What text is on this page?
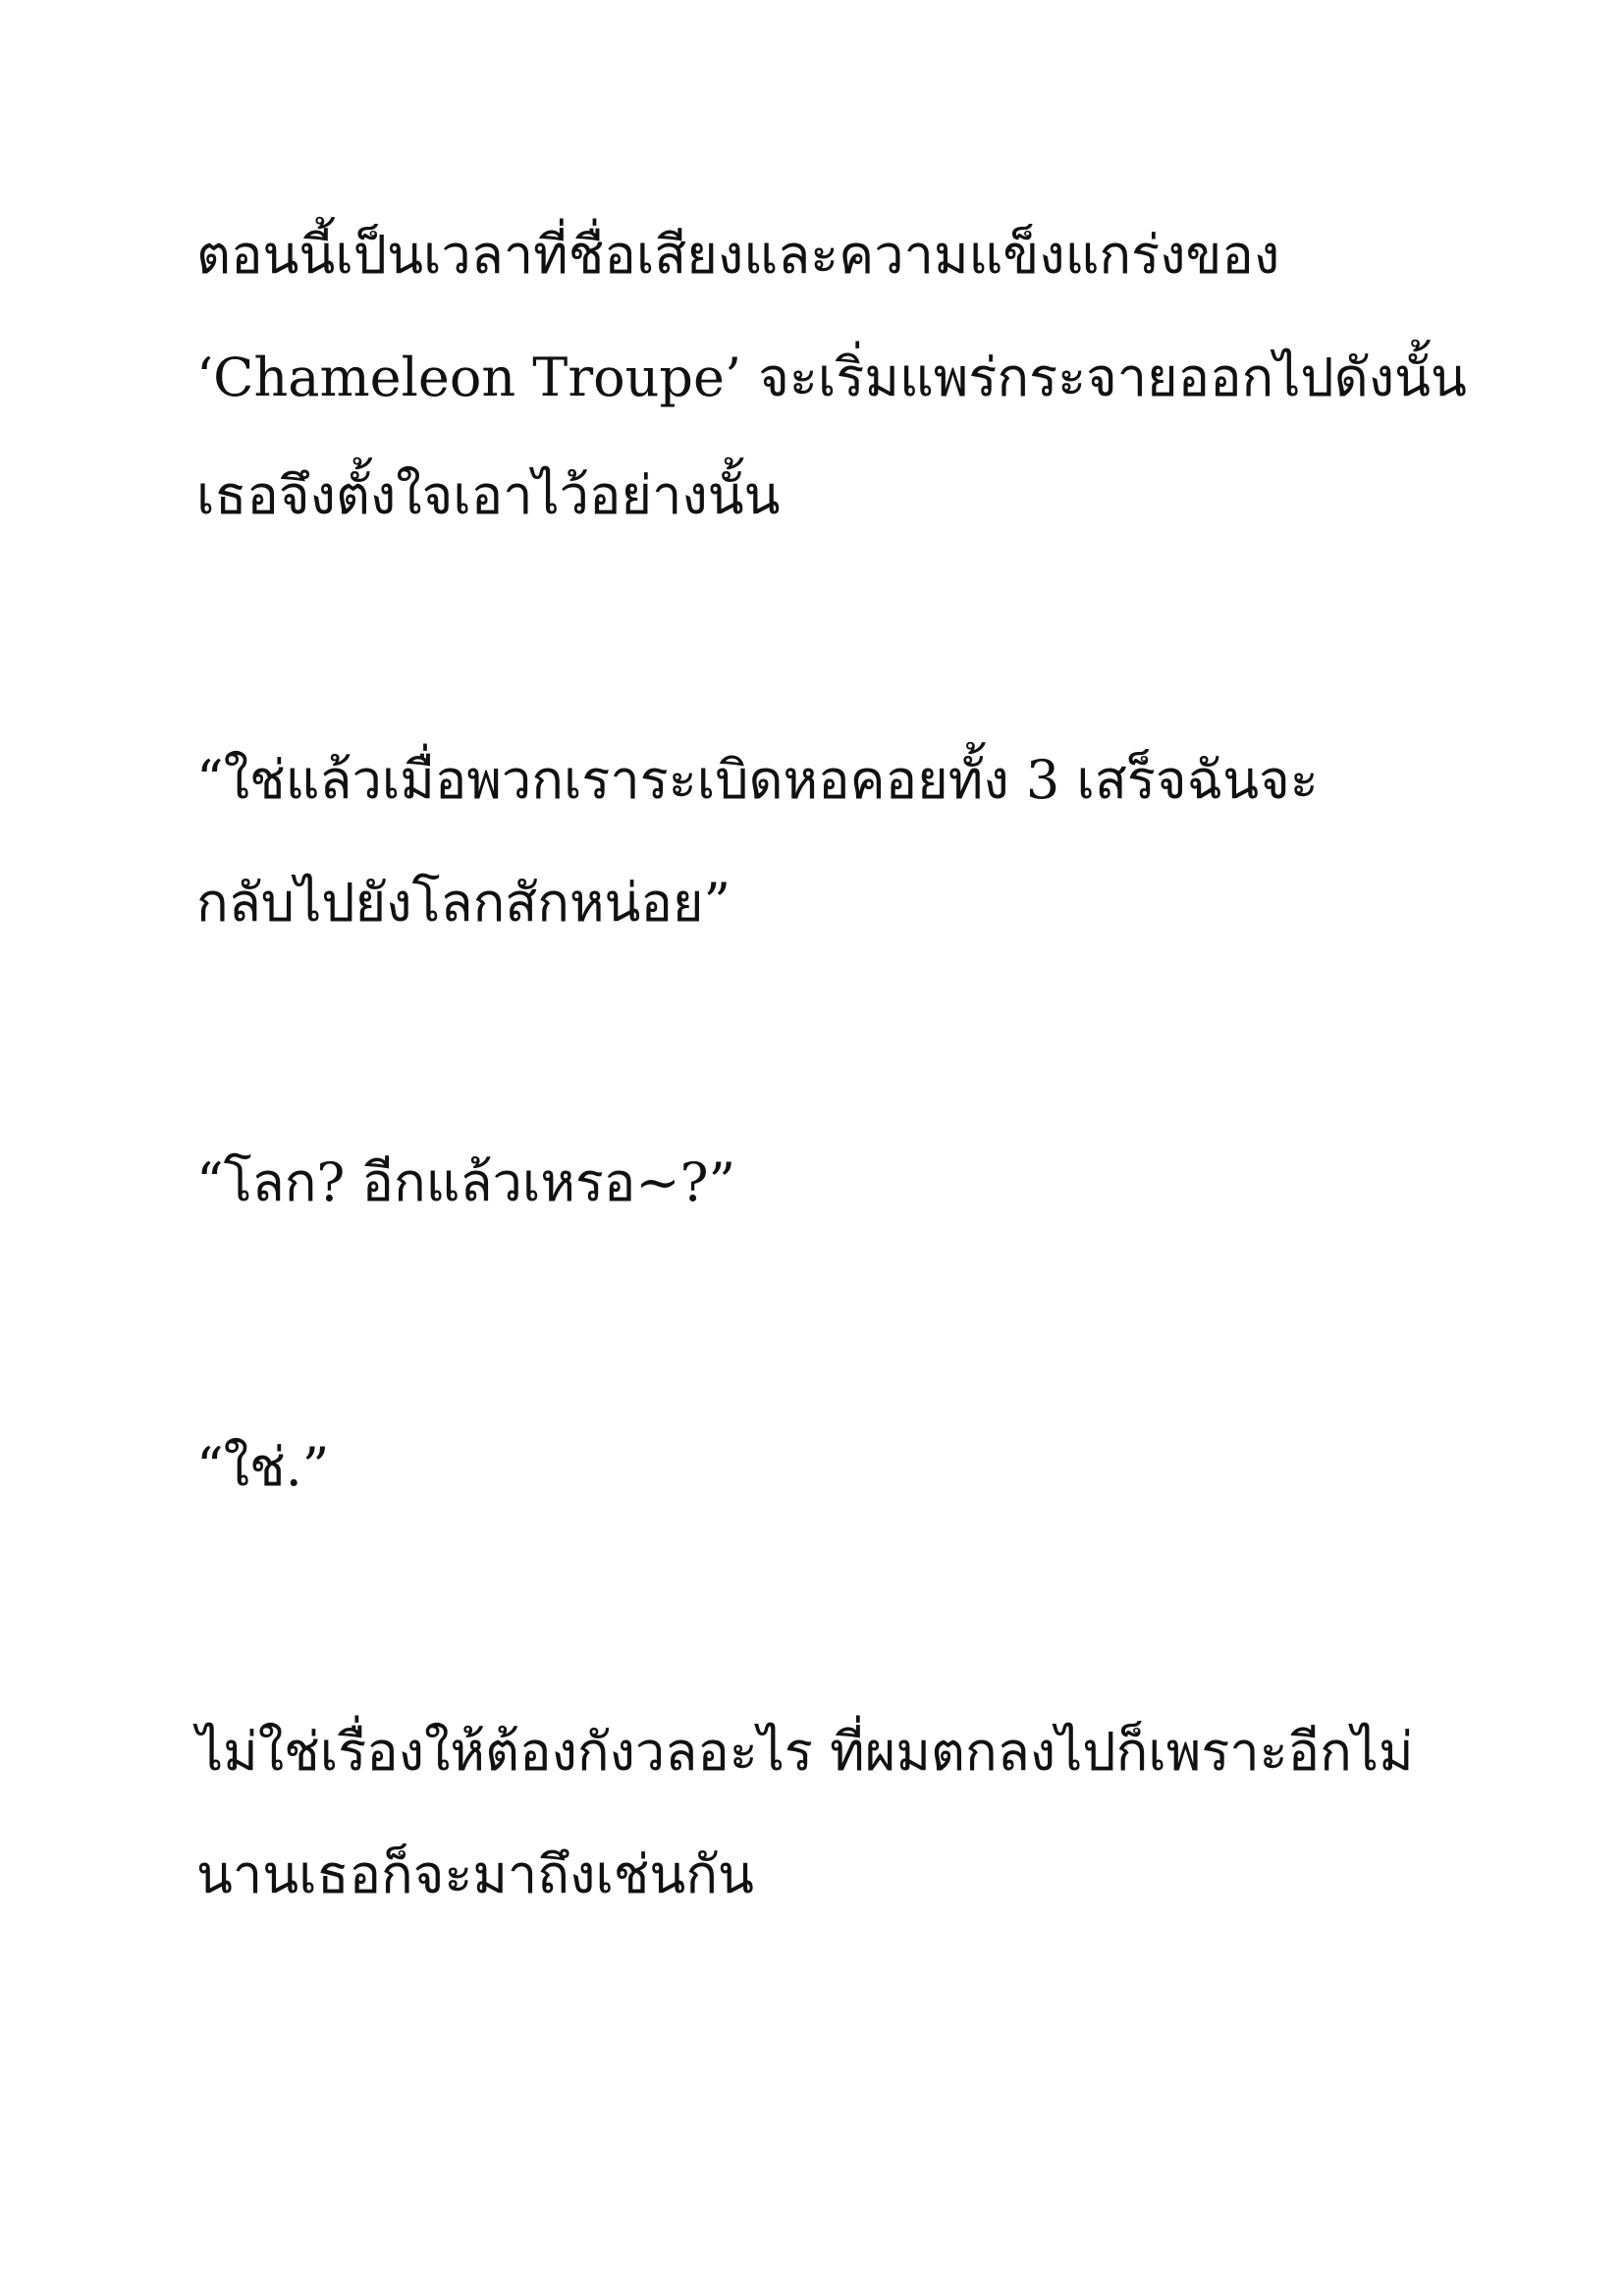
ตอนนี้เป็นเวลาที่ชื่อเสียงและความแข็งแกร่งของ

‘Chameleon Troupe’ จะเริ่มแพร่กระจายออกไปดังนั้น

เธอจึงตั้งใจเอาไว้อย่างนั้น

“ใช่แล้วเมื่อพวกเราระเบิดหอคอยทั้ง 3 เสร็จฉันจะ

กลับไปยังโลกสักหน่อย”

“โลก? อีกแล้วเหรอ~?”

“ใช่.”

ไม่ใช่เรื่องให้ต้องกังวลอะไร ที่ผมตกลงไปก็เพราะอีกไม่

นานเธอก็จะมาถึงเช่นกัน
